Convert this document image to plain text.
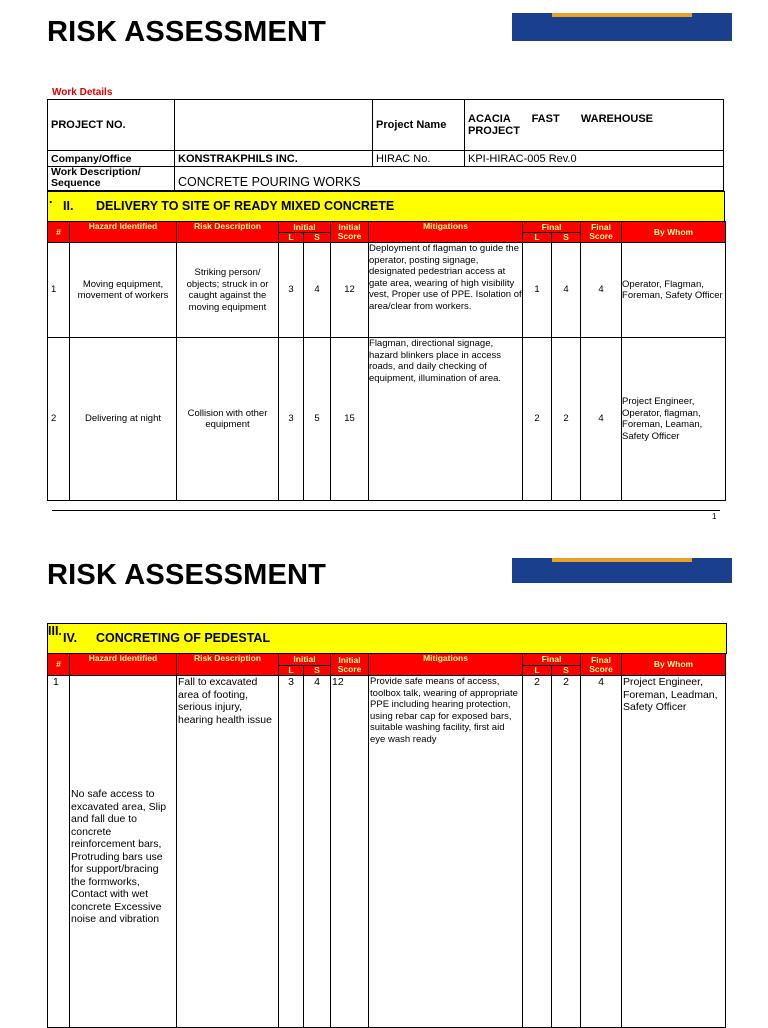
RISK ASSESSMENT
Work Details
PROJECT NO.		Project Name	ACACIA FAST WAREHOUSE PROJECT
Company/Office	KONSTRAKPHILS INC.	HIRAC No.	KPI-HIRAC-005 Rev.0
Work Description/ Sequence	CONCRETE POURING WORKS		
. II. DELIVERY TO SITE OF READY MIXED CONCRETE
#	Hazard Identified	Risk Description	Initial		Initial Score	Mitigations	Final		Final Score	By Whom
			L	S			L	S		
1	Moving equipment, movement of workers	Striking person/ objects; struck in or caught against the moving equipment	3	4	12	Deployment of flagman to guide the operator, posting signage, designated pedestrian access at gate area, wearing of high visibility vest, Proper use of PPE. Isolation of area/clear from workers.	1	4	4	Operator, Flagman, Foreman, Safety Officer
2	Delivering at night	Collision with other equipment	3	5	15	Flagman, directional signage, hazard blinkers place in access roads, and daily checking of equipment, illumination of area.	2	2	4	Project Engineer, Operator, flagman, Foreman, Leaman, Safety Officer
1
RISK ASSESSMENT
III. IV. CONCRETING OF PEDESTAL
#	Hazard Identified	Risk Description	Initial		Initial Score	Mitigations	Final		Final Score	By Whom
			L	S			L	S		
1	No safe access to excavated area, Slip and fall due to concrete reinforcement bars, Protruding bars use for support/bracing the formworks, Contact with wet concrete Excessive noise and vibration	Fall to excavated area of footing, serious injury, hearing health issue	3	4	12	Provide safe means of access, toolbox talk, wearing of appropriate PPE including hearing protection, using rebar cap for exposed bars, suitable washing facility, first aid eye wash ready	2	2	4	Project Engineer, Foreman, Leadman, Safety Officer
